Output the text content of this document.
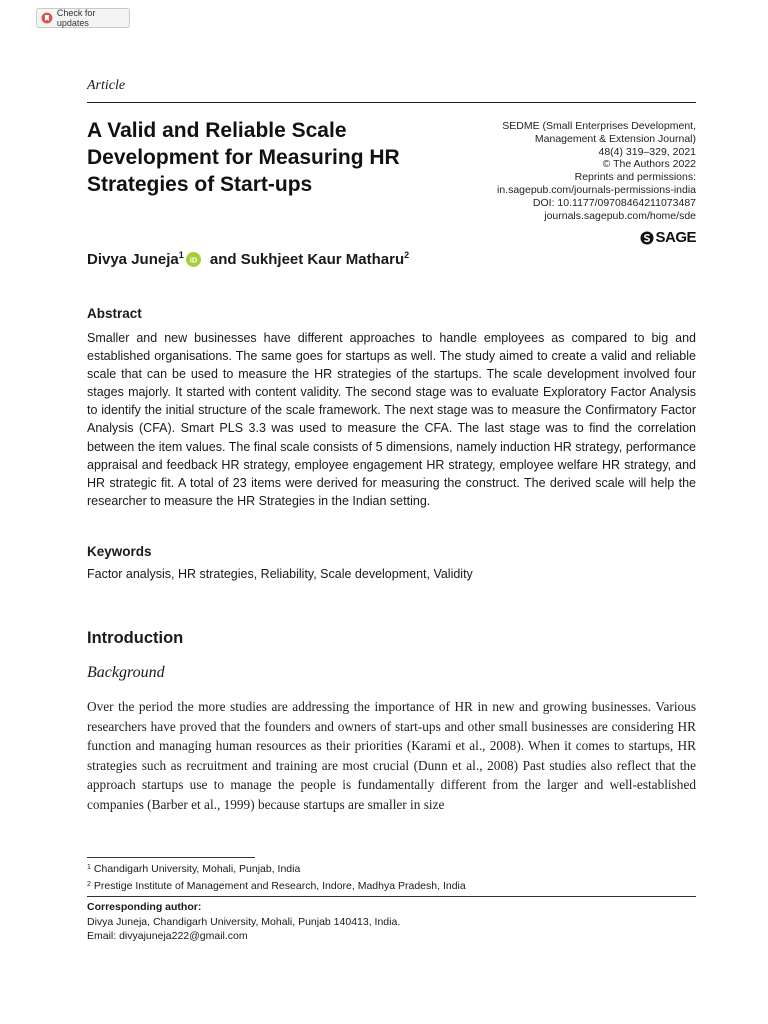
Check for updates
Article
A Valid and Reliable Scale Development for Measuring HR Strategies of Start-ups
SEDME (Small Enterprises Development,
Management & Extension Journal)
48(4) 319–329, 2021
© The Authors 2022
Reprints and permissions:
in.sagepub.com/journals-permissions-india
DOI: 10.1177/09708464211073487
journals.sagepub.com/home/sde
SAGE
Divya Juneja$^1$
iD and Sukhjeet Kaur Matharu$^2$
Abstract

Smaller and new businesses have different approaches to handle employees as compared to big and established organisations. The same goes for startups as well. The study aimed to create a valid and reliable scale that can be used to measure the HR strategies of the startups. The scale development involved four stages majorly. It started with content validity. The second stage was to evaluate Exploratory Factor Analysis to identify the initial structure of the scale framework. The next stage was to measure the Confirmatory Factor Analysis (CFA). Smart PLS 3.3 was used to measure the CFA. The last stage was to find the correlation between the item values. The final scale consists of 5 dimensions, namely induction HR strategy, performance appraisal and feedback HR strategy, employee engagement HR strategy, employee welfare HR strategy, and HR strategic fit. A total of 23 items were derived for measuring the construct. The derived scale will help the researcher to measure the HR Strategies in the Indian setting.

Keywords

Factor analysis, HR strategies, Reliability, Scale development, Validity

Introduction
Background

Over the period the more studies are addressing the importance of HR in new and growing businesses. Various researchers have proved that the founders and owners of start-ups and other small businesses are considering HR function and managing human resources as their priorities (Karami et al., 2008). When it comes to startups, HR strategies such as recruitment and training are most crucial (Dunn et al., 2008) Past studies also reflect that the approach startups use to manage the people is fundamentally different from the larger and well-established companies (Barber et al., 1999) because startups are smaller in size

$^1$ Chandigarh University, Mohali, Punjab, India
$^2$ Prestige Institute of Management and Research, Indore, Madhya Pradesh, India
Corresponding author:
Divya Juneja, Chandigarh University, Mohali, Punjab 140413, India.
Email: divyajuneja222@gmail.com
